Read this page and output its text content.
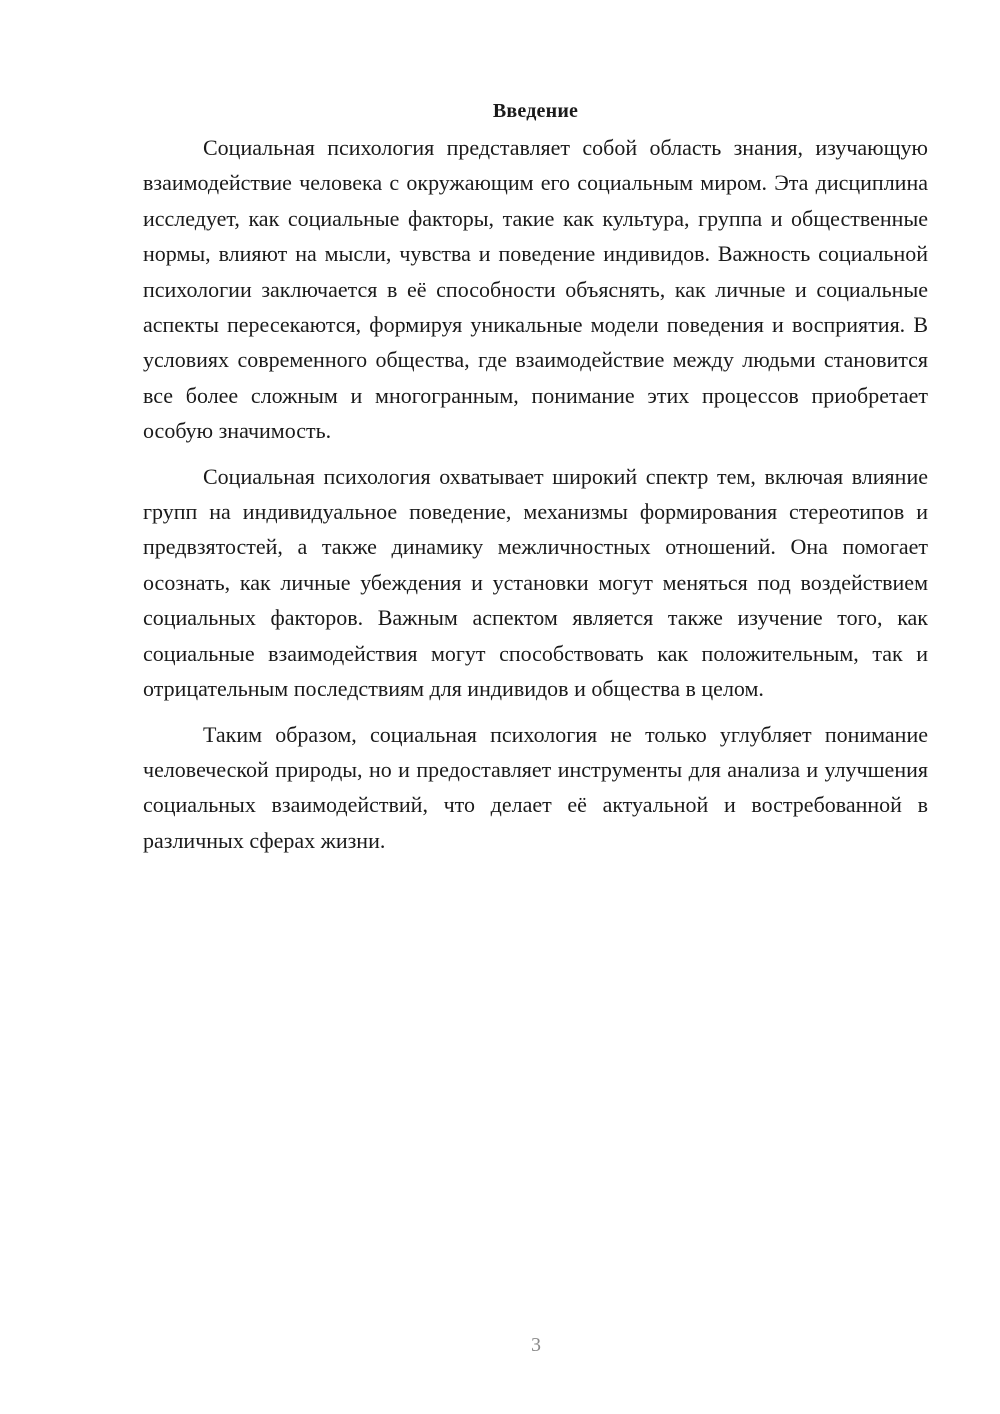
Введение

Социальная психология представляет собой область знания, изучающую взаимодействие человека с окружающим его социальным миром. Эта дисциплина исследует, как социальные факторы, такие как культура, группа и общественные нормы, влияют на мысли, чувства и поведение индивидов. Важность социальной психологии заключается в её способности объяснять, как личные и социальные аспекты пересекаются, формируя уникальные модели поведения и восприятия. В условиях современного общества, где взаимодействие между людьми становится все более сложным и многогранным, понимание этих процессов приобретает особую значимость.

Социальная психология охватывает широкий спектр тем, включая влияние групп на индивидуальное поведение, механизмы формирования стереотипов и предвзятостей, а также динамику межличностных отношений. Она помогает осознать, как личные убеждения и установки могут меняться под воздействием социальных факторов. Важным аспектом является также изучение того, как социальные взаимодействия могут способствовать как положительным, так и отрицательным последствиям для индивидов и общества в целом.

Таким образом, социальная психология не только углубляет понимание человеческой природы, но и предоставляет инструменты для анализа и улучшения социальных взаимодействий, что делает её актуальной и востребованной в различных сферах жизни.

3
